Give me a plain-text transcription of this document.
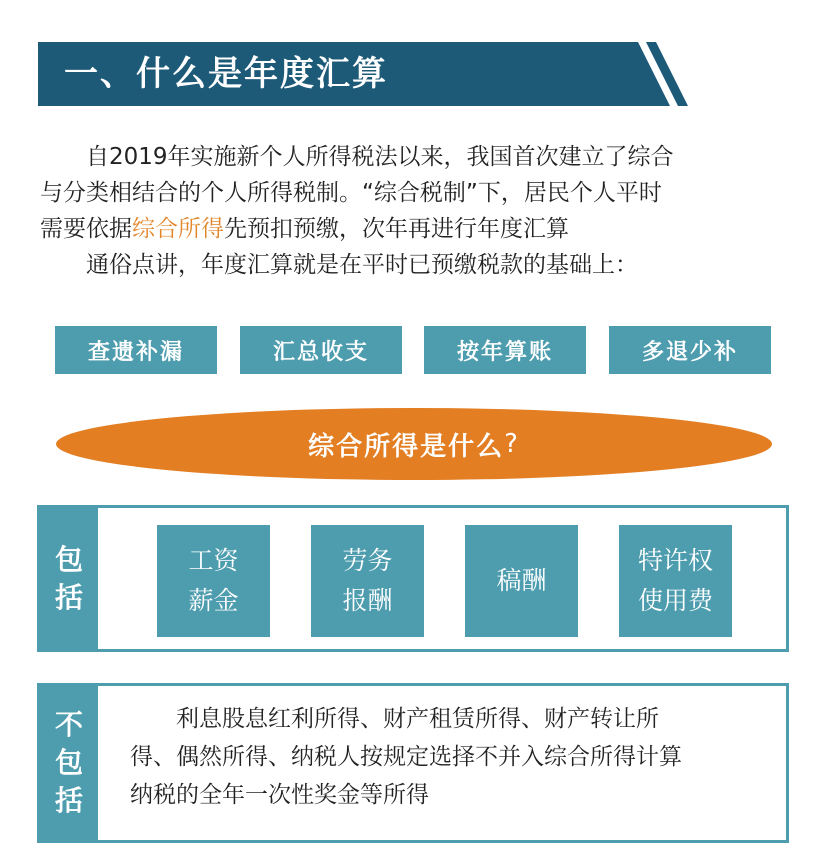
一、什么是年度汇算
　　自2019年实施新个人所得税法以来，我国首次建立了综合
与分类相结合的个人所得税制。“综合税制”下，居民个人平时
需要依据综合所得先预扣预缴，次年再进行年度汇算
　　通俗点讲，年度汇算就是在平时已预缴税款的基础上：
查遗补漏	汇总收支	按年算账	多退少补
综合所得是什么 ?
包
括
工资
薪金
劳务
报酬
稿酬
特许权
使用费
不
包
括
　　利息股息红利所得、财产租赁所得、财产转让所
得、偶然所得、纳税人按规定选择不并入综合所得计算
纳税的全年一次性奖金等所得
